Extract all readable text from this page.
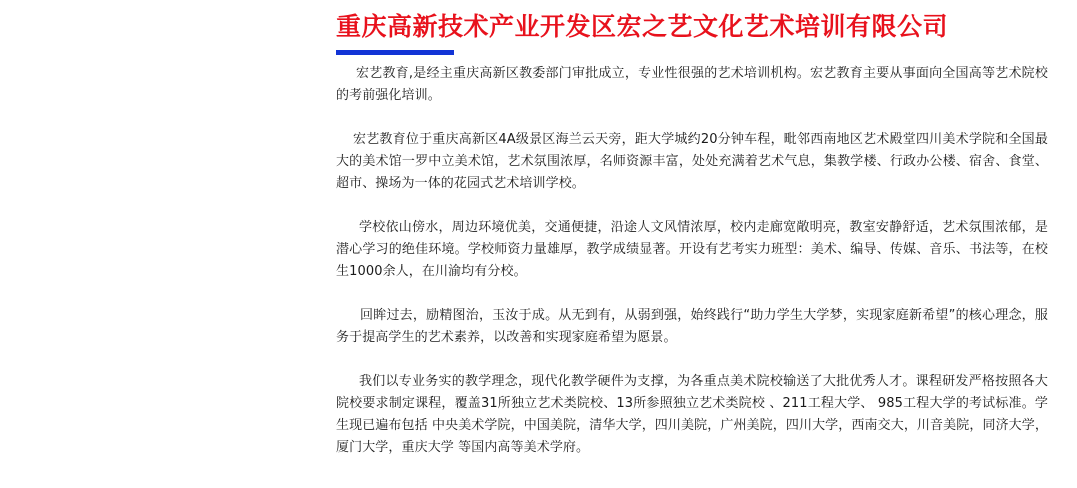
重庆高新技术产业开发区宏之艺文化艺术培训有限公司

宏艺教育,是经主重庆高新区教委部门审批成立，专业性很强的艺术培训机构。宏艺教育主要从事面向全国高等艺术院校的考前强化培训。

宏艺教育位于重庆高新区4A级景区海兰云天旁，距大学城约20分钟车程，毗邻西南地区艺术殿堂四川美术学院和全国最大的美术馆一罗中立美术馆，艺术氛围浓厚，名师资源丰富，处处充满着艺术气息，集教学楼、行政办公楼、宿舍、食堂、超市、操场为一体的花园式艺术培训学校。

学校依山傍水，周边环境优美，交通便捷，沿途人文风情浓厚，校内走廊宽敞明亮，教室安静舒适，艺术氛围浓郁，是潜心学习的绝佳环境。学校师资力量雄厚，教学成绩显著。开设有艺考实力班型：美术、编导、传媒、音乐、书法等，在校生1000余人，在川渝均有分校。

回眸过去，励精图治，玉汝于成。从无到有，从弱到强，始终践行“助力学生大学梦，实现家庭新希望”的核心理念，服务于提高学生的艺术素养，以改善和实现家庭希望为愿景。

我们以专业务实的教学理念，现代化教学硬件为支撑，为各重点美术院校输送了大批优秀人才。课程研发严格按照各大院校要求制定课程，覆盖31所独立艺术类院校、13所参照独立艺术类院校 、211工程大学、 985工程大学的考试标准。学生现已遍布包括 中央美术学院，中国美院，清华大学，四川美院，广州美院，四川大学，西南交大，川音美院，同济大学，厦门大学，重庆大学 等国内高等美术学府。
